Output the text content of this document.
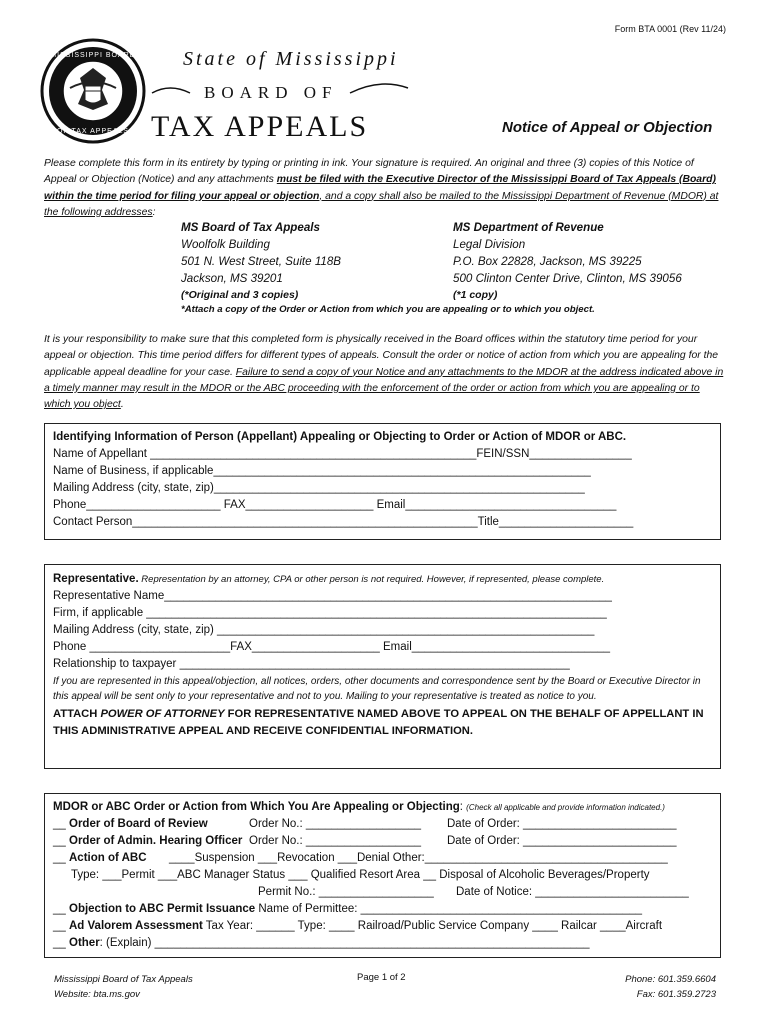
Form BTA 0001 (Rev 11/24)
MISSISSIPPI BOARD
OF TAX APPEALS
State of Mississippi
BOARD OF
TAX APPEALS	Notice of Appeal or Objection
Please complete this form in its entirety by typing or printing in ink. Your signature is required. An original and three (3) copies of this Notice of Appeal or Objection (Notice) and any attachments must be filed with the Executive Director of the Mississippi Board of Tax Appeals (Board) within the time period for filing your appeal or objection, and a copy shall also be mailed to the Mississippi Department of Revenue (MDOR) at the following addresses:
MS Board of Tax Appeals
Woolfolk Building
501 N. West Street, Suite 118B
Jackson, MS 39201
(*Original and 3 copies)
MS Department of Revenue
Legal Division
P.O. Box 22828, Jackson, MS 39225
500 Clinton Center Drive, Clinton, MS 39056
(*1 copy)
*Attach a copy of the Order or Action from which you are appealing or to which you object.
It is your responsibility to make sure that this completed form is physically received in the Board offices within the statutory time period for your appeal or objection. This time period differs for different types of appeals. Consult the order or notice of action from which you are appealing for the applicable appeal deadline for your case. Failure to send a copy of your Notice and any attachments to the MDOR at the address indicated above in a timely manner may result in the MDOR or the ABC proceeding with the enforcement of the order or action from which you are appealing or to which you object.
Identifying Information of Person (Appellant) Appealing or Objecting to Order or Action of MDOR or ABC.
Name of Appellant ___________________________________________________FEIN/SSN________________
Name of Business, if applicable___________________________________________________________
Mailing Address (city, state, zip)__________________________________________________________
Phone_____________________ FAX____________________ Email_________________________________
Contact Person______________________________________________________Title_____________________
Representative. Representation by an attorney, CPA or other person is not required. However, if represented, please complete.
Representative Name______________________________________________________________________
Firm, if applicable ________________________________________________________________________
Mailing Address (city, state, zip) ___________________________________________________________
Phone ______________________FAX____________________ Email_______________________________
Relationship to taxpayer _____________________________________________________________
If you are represented in this appeal/objection, all notices, orders, other documents and correspondence sent by the Board or Executive Director in this appeal will be sent only to your representative and not to you. Mailing to your representative is treated as notice to you.
ATTACH POWER OF ATTORNEY FOR REPRESENTATIVE NAMED ABOVE TO APPEAL ON THE BEHALF OF APPELLANT IN THIS ADMINISTRATIVE APPEAL AND RECEIVE CONFIDENTIAL INFORMATION.
MDOR or ABC Order or Action from Which You Are Appealing or Objecting: (Check all applicable and provide information indicated.)
__ Order of Board of Review	Order No.: __________________ Date of Order: ________________________
__ Order of Admin. Hearing Officer Order No.: __________________ Date of Order: ________________________
__ Action of ABC ____Suspension ___Revocation ___Denial Other:______________________________________
Type: ___Permit ___ABC Manager Status ___ Qualified Resort Area __ Disposal of Alcoholic Beverages/Property
Permit No.: __________________ Date of Notice: ________________________
__ Objection to ABC Permit Issuance Name of Permittee: ____________________________________________
__ Ad Valorem Assessment Tax Year: ______ Type: ____ Railroad/Public Service Company ____ Railcar ____Aircraft
__ Other: (Explain) ____________________________________________________________________
Mississippi Board of Tax Appeals
Website: bta.ms.gov
Page 1 of 2	Phone: 601.359.6604
Fax: 601.359.2723
